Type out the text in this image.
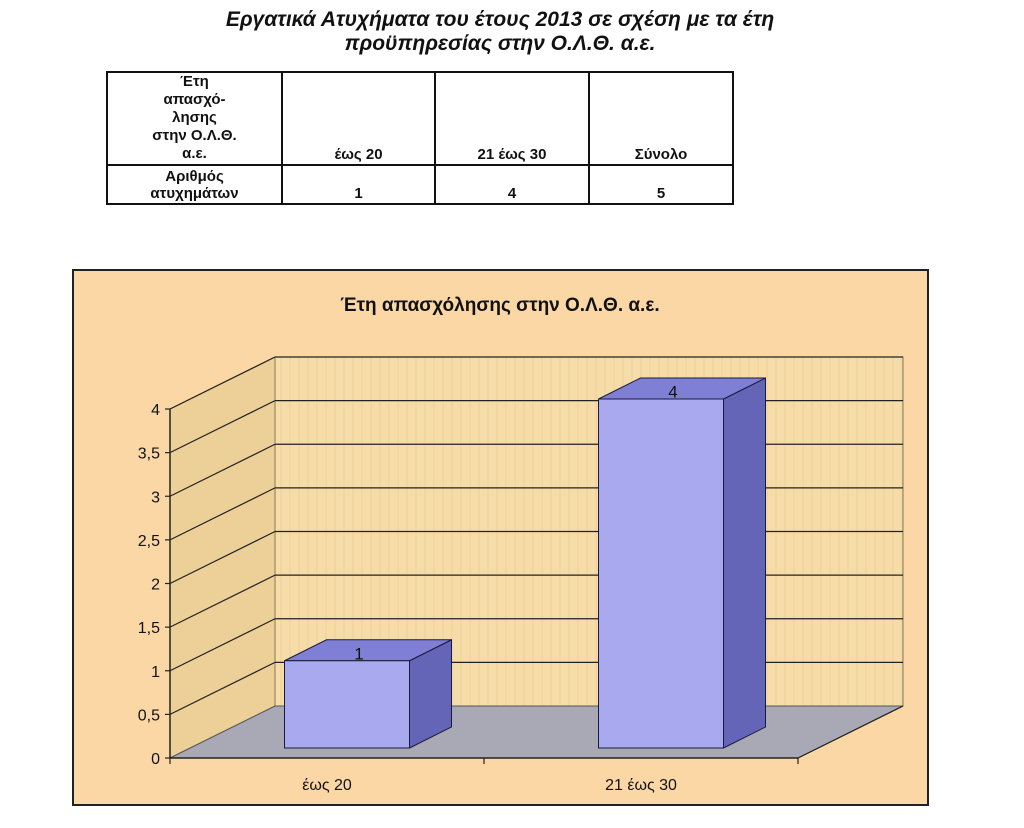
Εργατικά Ατυχήματα του έτους 2013 σε σχέση με τα έτη
προϋπηρεσίας στην Ο.Λ.Θ. α.ε.
Έτη
απασχό-
λησης
στην Ο.Λ.Θ.
α.ε.	έως 20	21 έως 30	Σύνολο
Αριθμός
ατυχημάτων	1	4	5
Έτη απασχόλησης στην Ο.Λ.Θ. α.ε.
0
0,5
1
1,5
2
2,5
3
3,5
4
1
έως 20
4
21 έως 30
